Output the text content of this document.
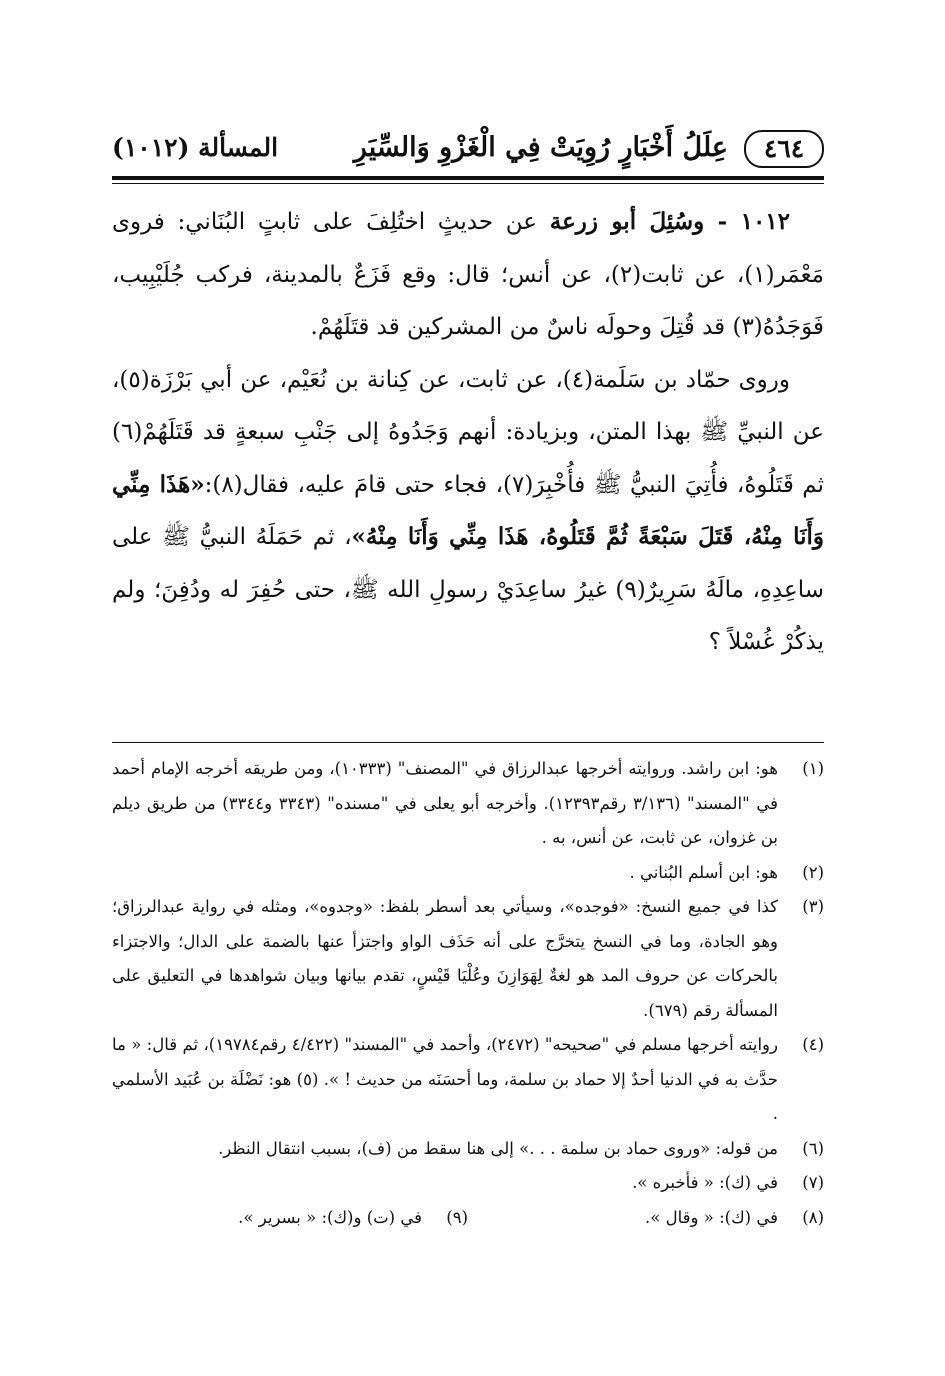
٤٦٤
عِلَلُ أَخْبَارٍ رُوِيَتْ فِي الْغَزْوِ وَالسِّيَرِ
المسألة (١٠١٢)

١٠١٢ - وسُئِلَ أبو زرعة عن حديثٍ اختُلِفَ على ثابتٍ البُنَاني: فروى مَعْمَر(١)، عن ثابت(٢)، عن أنس؛ قال: وقع فَزَعٌ بالمدينة، فركب جُلَيْبِيب، فَوَجَدُهُ(٣) قد قُتِلَ وحولَه ناسٌ من المشركين قد قتَلَهُمْ.

وروى حمّاد بن سَلَمة(٤)، عن ثابت، عن كِنانة بن نُعَيْم، عن أبي بَرْزَة(٥)، عن النبيِّ ﷺ بهذا المتن، وبزيادة: أنهم وَجَدُوهُ إلى جَنْبِ سبعةٍ قد قَتَلَهُمْ(٦) ثم قَتَلُوهُ، فأُتِيَ النبيُّ ﷺ فأُخْبِرَ(٧)، فجاء حتى قامَ عليه، فقال(٨):«هَذَا مِنِّي وَأَنَا مِنْهُ، قَتَلَ سَبْعَةً ثُمَّ قَتَلُوهُ، هَذَا مِنِّي وَأَنَا مِنْهُ»، ثم حَمَلَهُ النبيُّ ﷺ على ساعِدِهِ، مالَهُ سَرِيرٌ(٩) غيرُ ساعِدَيْ رسولِ الله ﷺ، حتى حُفِرَ له ودُفِنَ؛ ولم يذكُرْ غُسْلاً ؟

(١)
هو: ابن راشد. وروايته أخرجها عبدالرزاق في "المصنف" (١٠٣٣٣)، ومن طريقه أخرجه الإمام أحمد في "المسند" (٣/١٣٦ رقم١٢٣٩٣). وأخرجه أبو يعلى في "مسنده" (٣٣٤٣ و٣٣٤٤) من طريق ديلم بن غزوان، عن ثابت، عن أنس، به .
(٢)
هو: ابن أسلم البُناني .
(٣)
كذا في جميع النسخ: «فوجده»، وسيأتي بعد أسطر بلفظ: «وجدوه»، ومثله في رواية عبدالرزاق؛ وهو الجادة، وما في النسخ يتخرَّج على أنه حَذَف الواو واجتزأ عنها بالضمة على الدال؛ والاجتزاء بالحركات عن حروف المد هو لغةٌ لِهَوَازِنَ وعُلْيَا قَيْسٍ، تقدم بيانها وبيان شواهدها في التعليق على المسألة رقم (٦٧٩).
(٤)
روايته أخرجها مسلم في "صحيحه" (٢٤٧٢)، وأحمد في "المسند" (٤/٤٢٢ رقم١٩٧٨٤)، ثم قال: « ما حدَّث به في الدنيا أحدٌ إلا حماد بن سلمة، وما أحسَنَه من حديث ! ». (٥) هو: نَضْلَة بن عُبَيد الأسلمي .
(٦)
من قوله: «وروى حماد بن سلمة . . .» إلى هنا سقط من (ف)، بسبب انتقال النظر.
(٧)
في (ك): « فأخبره ».
(٨)
في (ك): « وقال ».
(٩)
في (ت) و(ك): « بسرير ».
